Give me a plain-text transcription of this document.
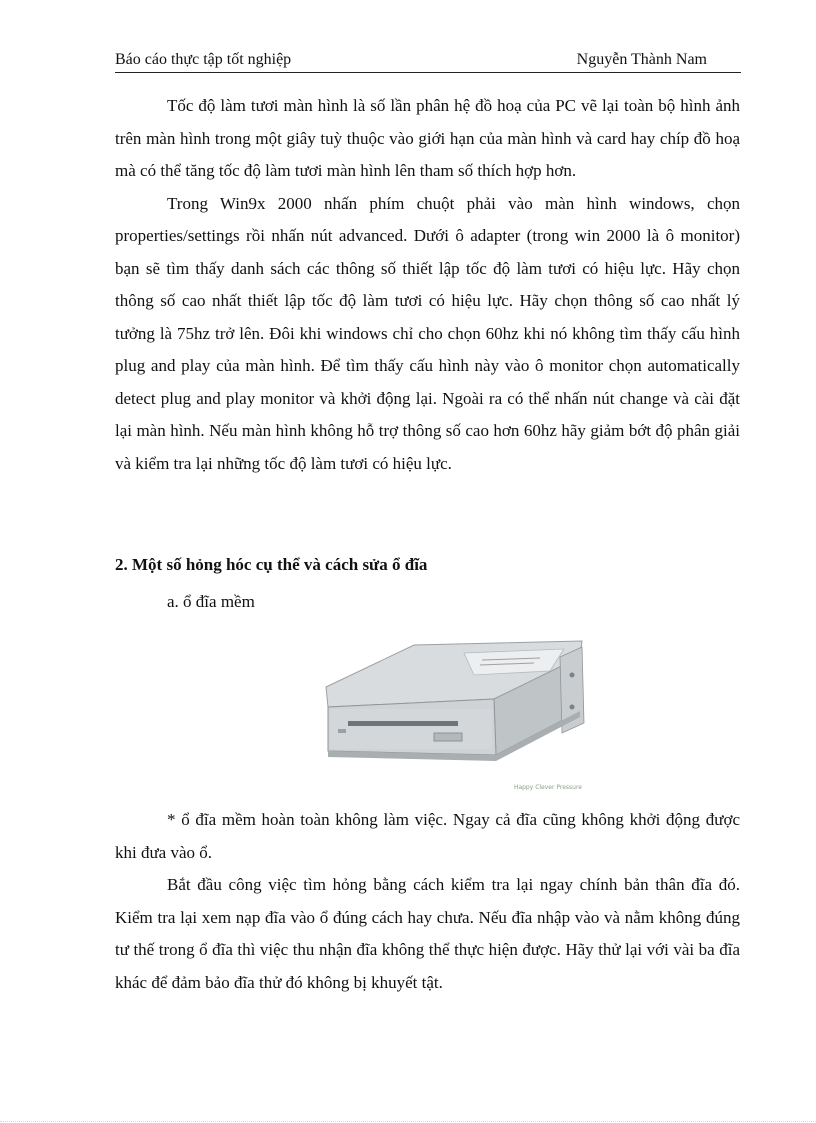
Báo cáo thực tập tốt nghiệp	Nguyễn Thành Nam

Tốc độ làm tươi màn hình là số lần phân hệ đồ hoạ của PC vẽ lại toàn bộ hình ảnh trên màn hình trong một giây tuỳ thuộc vào giới hạn của màn hình và card hay chíp đồ hoạ mà có thể tăng tốc độ làm tươi màn hình lên tham số thích hợp hơn.

Trong Win9x 2000 nhấn phím chuột phải vào màn hình windows, chọn properties/settings rồi nhấn nút advanced. Dưới ô adapter (trong win 2000 là ô monitor) bạn sẽ tìm thấy danh sách các thông số thiết lập tốc độ làm tươi có hiệu lực. Hãy chọn thông số cao nhất thiết lập tốc độ làm tươi có hiệu lực. Hãy chọn thông số cao nhất lý tưởng là 75hz trở lên. Đôi khi windows chỉ cho chọn 60hz khi nó không tìm thấy cấu hình plug and play của màn hình. Để tìm thấy cấu hình này vào ô monitor chọn automatically detect plug and play monitor và khởi động lại. Ngoài ra có thể nhấn nút change và cài đặt lại màn hình. Nếu màn hình không hỗ trợ thông số cao hơn 60hz hãy giảm bớt độ phân giải và kiểm tra lại những tốc độ làm tươi có hiệu lực.

2. Một số hỏng hóc cụ thể và cách sửa ổ đĩa
a. ổ đĩa mềm
Happy Clever Pressure

* ổ đĩa mềm hoàn toàn không làm việc. Ngay cả đĩa cũng không khởi động được khi đưa vào ổ.

Bắt đầu công việc tìm hỏng bằng cách kiểm tra lại ngay chính bản thân đĩa đó. Kiểm tra lại xem nạp đĩa vào ổ đúng cách hay chưa. Nếu đĩa nhập vào và nằm không đúng tư thế trong ổ đĩa thì việc thu nhận đĩa không thể thực hiện được. Hãy thử lại với vài ba đĩa khác để đảm bảo đĩa thử đó không bị khuyết tật.
